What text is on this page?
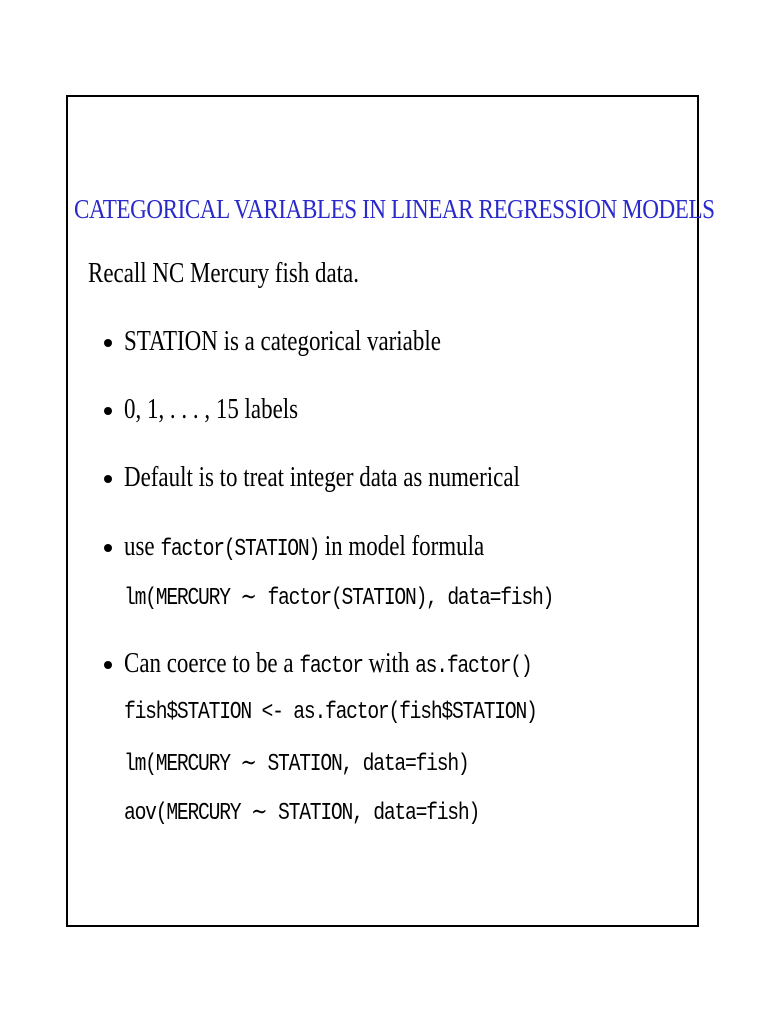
CATEGORICAL VARIABLES IN LINEAR REGRESSION MODELS
Recall NC Mercury fish data.
STATION is a categorical variable
0, 1, . . . , 15 labels
Default is to treat integer data as numerical
use factor(STATION) in model formula
lm(MERCURY ∼ factor(STATION), data=fish)
Can coerce to be a factor with as.factor()
fish$STATION <- as.factor(fish$STATION)
lm(MERCURY ∼ STATION, data=fish)
aov(MERCURY ∼ STATION, data=fish)
